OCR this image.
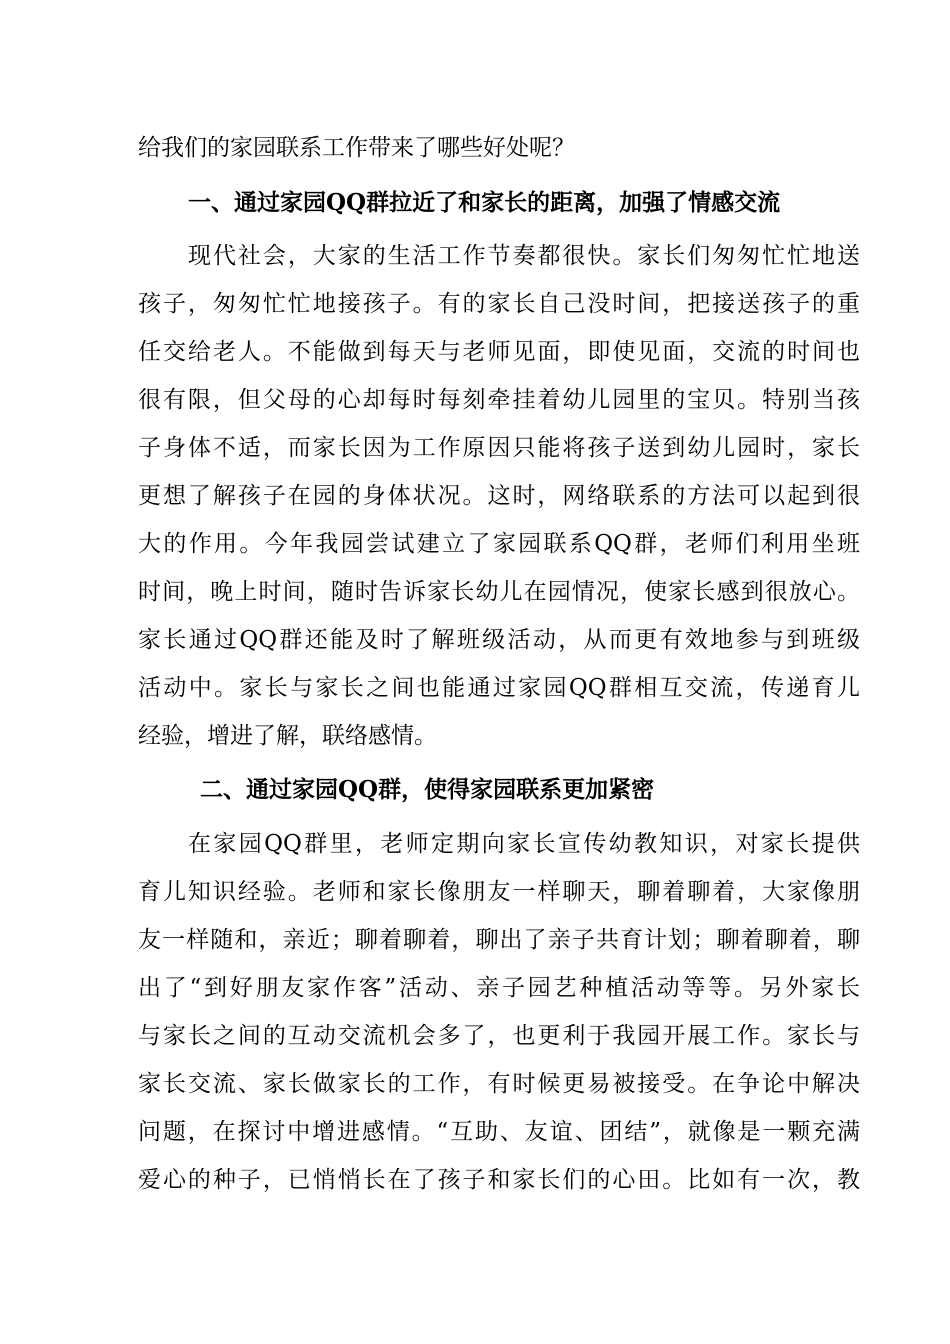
给我们的家园联系工作带来了哪些好处呢？
一、通过家园QQ群拉近了和家长的距离，加强了情感交流
现代社会，大家的生活工作节奏都很快。家长们匆匆忙忙地送
孩子，匆匆忙忙地接孩子。有的家长自己没时间，把接送孩子的重
任交给老人。不能做到每天与老师见面，即使见面，交流的时间也
很有限，但父母的心却每时每刻牵挂着幼儿园里的宝贝。特别当孩
子身体不适，而家长因为工作原因只能将孩子送到幼儿园时，家长
更想了解孩子在园的身体状况。这时，网络联系的方法可以起到很
大的作用。今年我园尝试建立了家园联系QQ群，老师们利用坐班
时间，晚上时间，随时告诉家长幼儿在园情况，使家长感到很放心。
家长通过QQ群还能及时了解班级活动，从而更有效地参与到班级
活动中。家长与家长之间也能通过家园QQ群相互交流，传递育儿
经验，增进了解，联络感情。
二、通过家园QQ群，使得家园联系更加紧密
在家园QQ群里，老师定期向家长宣传幼教知识，对家长提供
育儿知识经验。老师和家长像朋友一样聊天，聊着聊着，大家像朋
友一样随和，亲近；聊着聊着，聊出了亲子共育计划；聊着聊着，聊
出了“到好朋友家作客”活动、亲子园艺种植活动等等。另外家长
与家长之间的互动交流机会多了，也更利于我园开展工作。家长与
家长交流、家长做家长的工作，有时候更易被接受。在争论中解决
问题，在探讨中增进感情。“互助、友谊、团结”，就像是一颗充满
爱心的种子，已悄悄长在了孩子和家长们的心田。比如有一次，教
